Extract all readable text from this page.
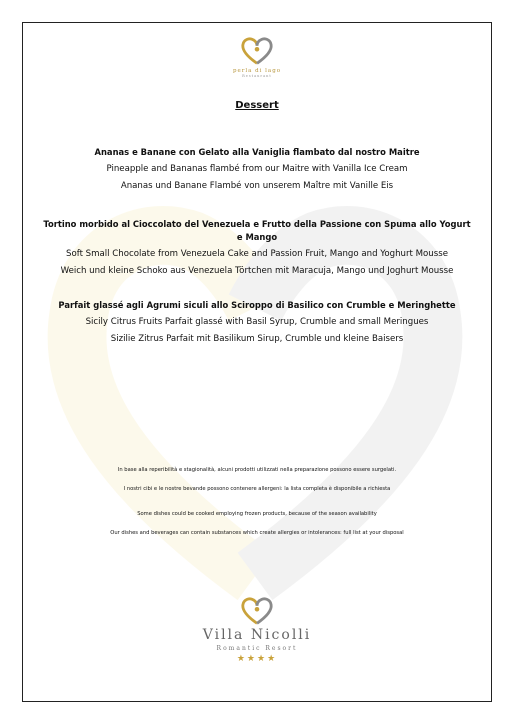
perla di lago
Restaurant
Dessert
Ananas e Banane con Gelato alla Vaniglia flambato dal nostro Maitre
Pineapple and Bananas flambé from our Maitre with Vanilla Ice Cream
Ananas und Banane Flambé von unserem Maître mit Vanille Eis
Tortino morbido al Cioccolato del Venezuela e Frutto della Passione con Spuma allo Yogurt e Mango
Soft Small Chocolate from Venezuela Cake and Passion Fruit, Mango and Yoghurt Mousse
Weich und kleine Schoko aus Venezuela Törtchen mit Maracuja, Mango und Joghurt Mousse
Parfait glassé agli Agrumi siculi allo Sciroppo di Basilico con Crumble e Meringhette
Sicily Citrus Fruits Parfait glassé with Basil Syrup, Crumble and small Meringues
Sizilie Zitrus Parfait mit Basilikum Sirup, Crumble und kleine Baisers
In base alla reperibilità e stagionalità, alcuni prodotti utilizzati nella preparazione possono essere surgelati.
I nostri cibi e le nostre bevande possono contenere allergeni: la lista completa è disponibile a richiesta
Some dishes could be cooked employing frozen products, because of the season availability
Our dishes and beverages can contain substances which create allergies or intolerances: full list at your disposal
Villa Nicolli
Romantic Resort
★★★★
